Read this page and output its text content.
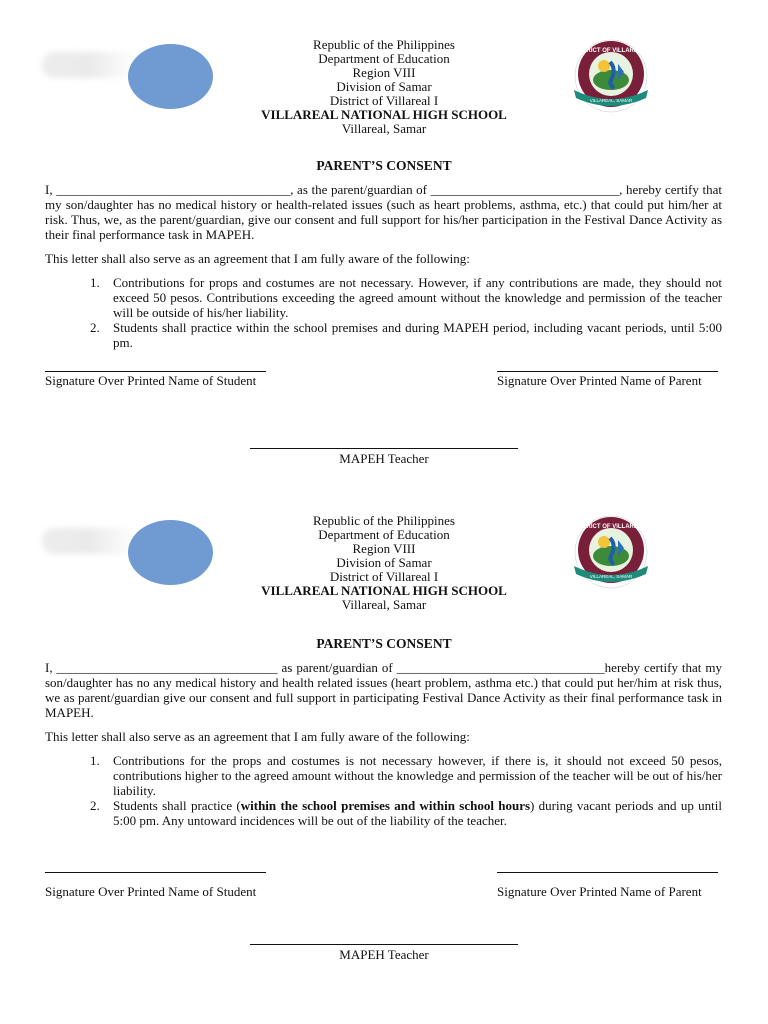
DISTRICT OF VILLAREAL I
VILLAREAL, SAMAR
Republic of the Philippines
Department of Education
Region VIII
Division of Samar
District of Villareal I
VILLAREAL NATIONAL HIGH SCHOOL
Villareal, Samar
PARENT’S CONSENT
I, ____________________________________, as the parent/guardian of _____________________________, hereby certify that my son/daughter has no medical history or health-related issues (such as heart problems, asthma, etc.) that could put him/her at risk. Thus, we, as the parent/guardian, give our consent and full support for his/her participation in the Festival Dance Activity as their final performance task in MAPEH.
This letter shall also serve as an agreement that I am fully aware of the following:
1. Contributions for props and costumes are not necessary. However, if any contributions are made, they should not exceed 50 pesos. Contributions exceeding the agreed amount without the knowledge and permission of the teacher will be outside of his/her liability.
2. Students shall practice within the school premises and during MAPEH period, including vacant periods, until 5:00 pm.
Signature Over Printed Name of Student	Signature Over Printed Name of Parent
MAPEH Teacher
DISTRICT OF VILLAREAL I
VILLAREAL, SAMAR
Republic of the Philippines
Department of Education
Region VIII
Division of Samar
District of Villareal I
VILLAREAL NATIONAL HIGH SCHOOL
Villareal, Samar
PARENT’S CONSENT
I, __________________________________ as parent/guardian of ________________________________hereby certify that my son/daughter has no any medical history and health related issues (heart problem, asthma etc.) that could put her/him at risk thus, we as parent/guardian give our consent and full support in participating Festival Dance Activity as their final performance task in MAPEH.
This letter shall also serve as an agreement that I am fully aware of the following:
1. Contributions for the props and costumes is not necessary however, if there is, it should not exceed 50 pesos, contributions higher to the agreed amount without the knowledge and permission of the teacher will be out of his/her liability.
2. Students shall practice (within the school premises and within school hours) during vacant periods and up until 5:00 pm. Any untoward incidences will be out of the liability of the teacher.
Signature Over Printed Name of Student	Signature Over Printed Name of Parent
MAPEH Teacher
